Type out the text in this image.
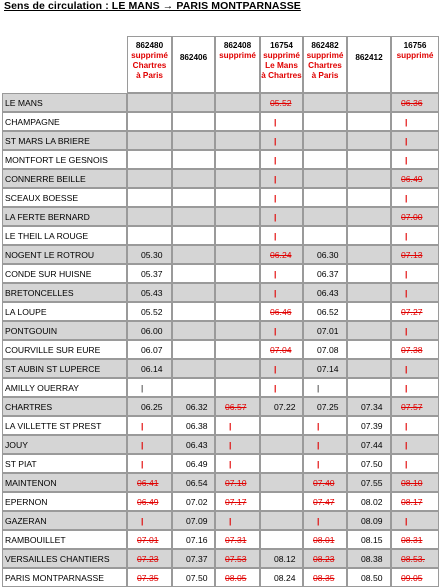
Sens de circulation : LE MANS → PARIS MONTPARNASSE

	862480
supprimé
Chartres
à Paris	862406	862408
supprimé	16754
supprimé
Le Mans
à Chartres	862482
supprimé
Chartres
à Paris	862412	16756
supprimé

LE MANS				05.52			06.36
CHAMPAGNE				|			|
ST MARS LA BRIERE				|			|
MONTFORT LE GESNOIS				|			|
CONNERRE BEILLE				|			06.49
SCEAUX BOESSE				|			|
LA FERTE BERNARD				|			07.00
LE THEIL LA ROUGE				|			|
NOGENT LE ROTROU	05.30			06.24	06.30		07.13
CONDE SUR HUISNE	05.37			|	06.37		|
BRETONCELLES	05.43			|	06.43		|
LA LOUPE	05.52			06.46	06.52		07.27
PONTGOUIN	06.00			|	07.01		|
COURVILLE SUR EURE	06.07			07.04	07.08		07.38
ST AUBIN ST LUPERCE	06.14			|	07.14		|
AMILLY OUERRAY	|			|	|		|
CHARTRES	06.25	06.32	06.57	07.22	07.25	07.34	07.57
LA VILLETTE ST PREST	|	06.38	|		|	07.39	|
JOUY	|	06.43	|		|	07.44	|
ST PIAT	|	06.49	|		|	07.50	|
MAINTENON	06.41	06.54	07.10		07.40	07.55	08.10
EPERNON	06.49	07.02	07.17		07.47	08.02	08.17
GAZERAN	|	07.09	|		|	08.09	|
RAMBOUILLET	07.01	07.16	07.31		08.01	08.15	08.31
VERSAILLES CHANTIERS	07.23	07.37	07.53	08.12	08.23	08.38	08.53.
PARIS MONTPARNASSE	07.35	07.50	08.05	08.24	08.35	08.50	09.05
